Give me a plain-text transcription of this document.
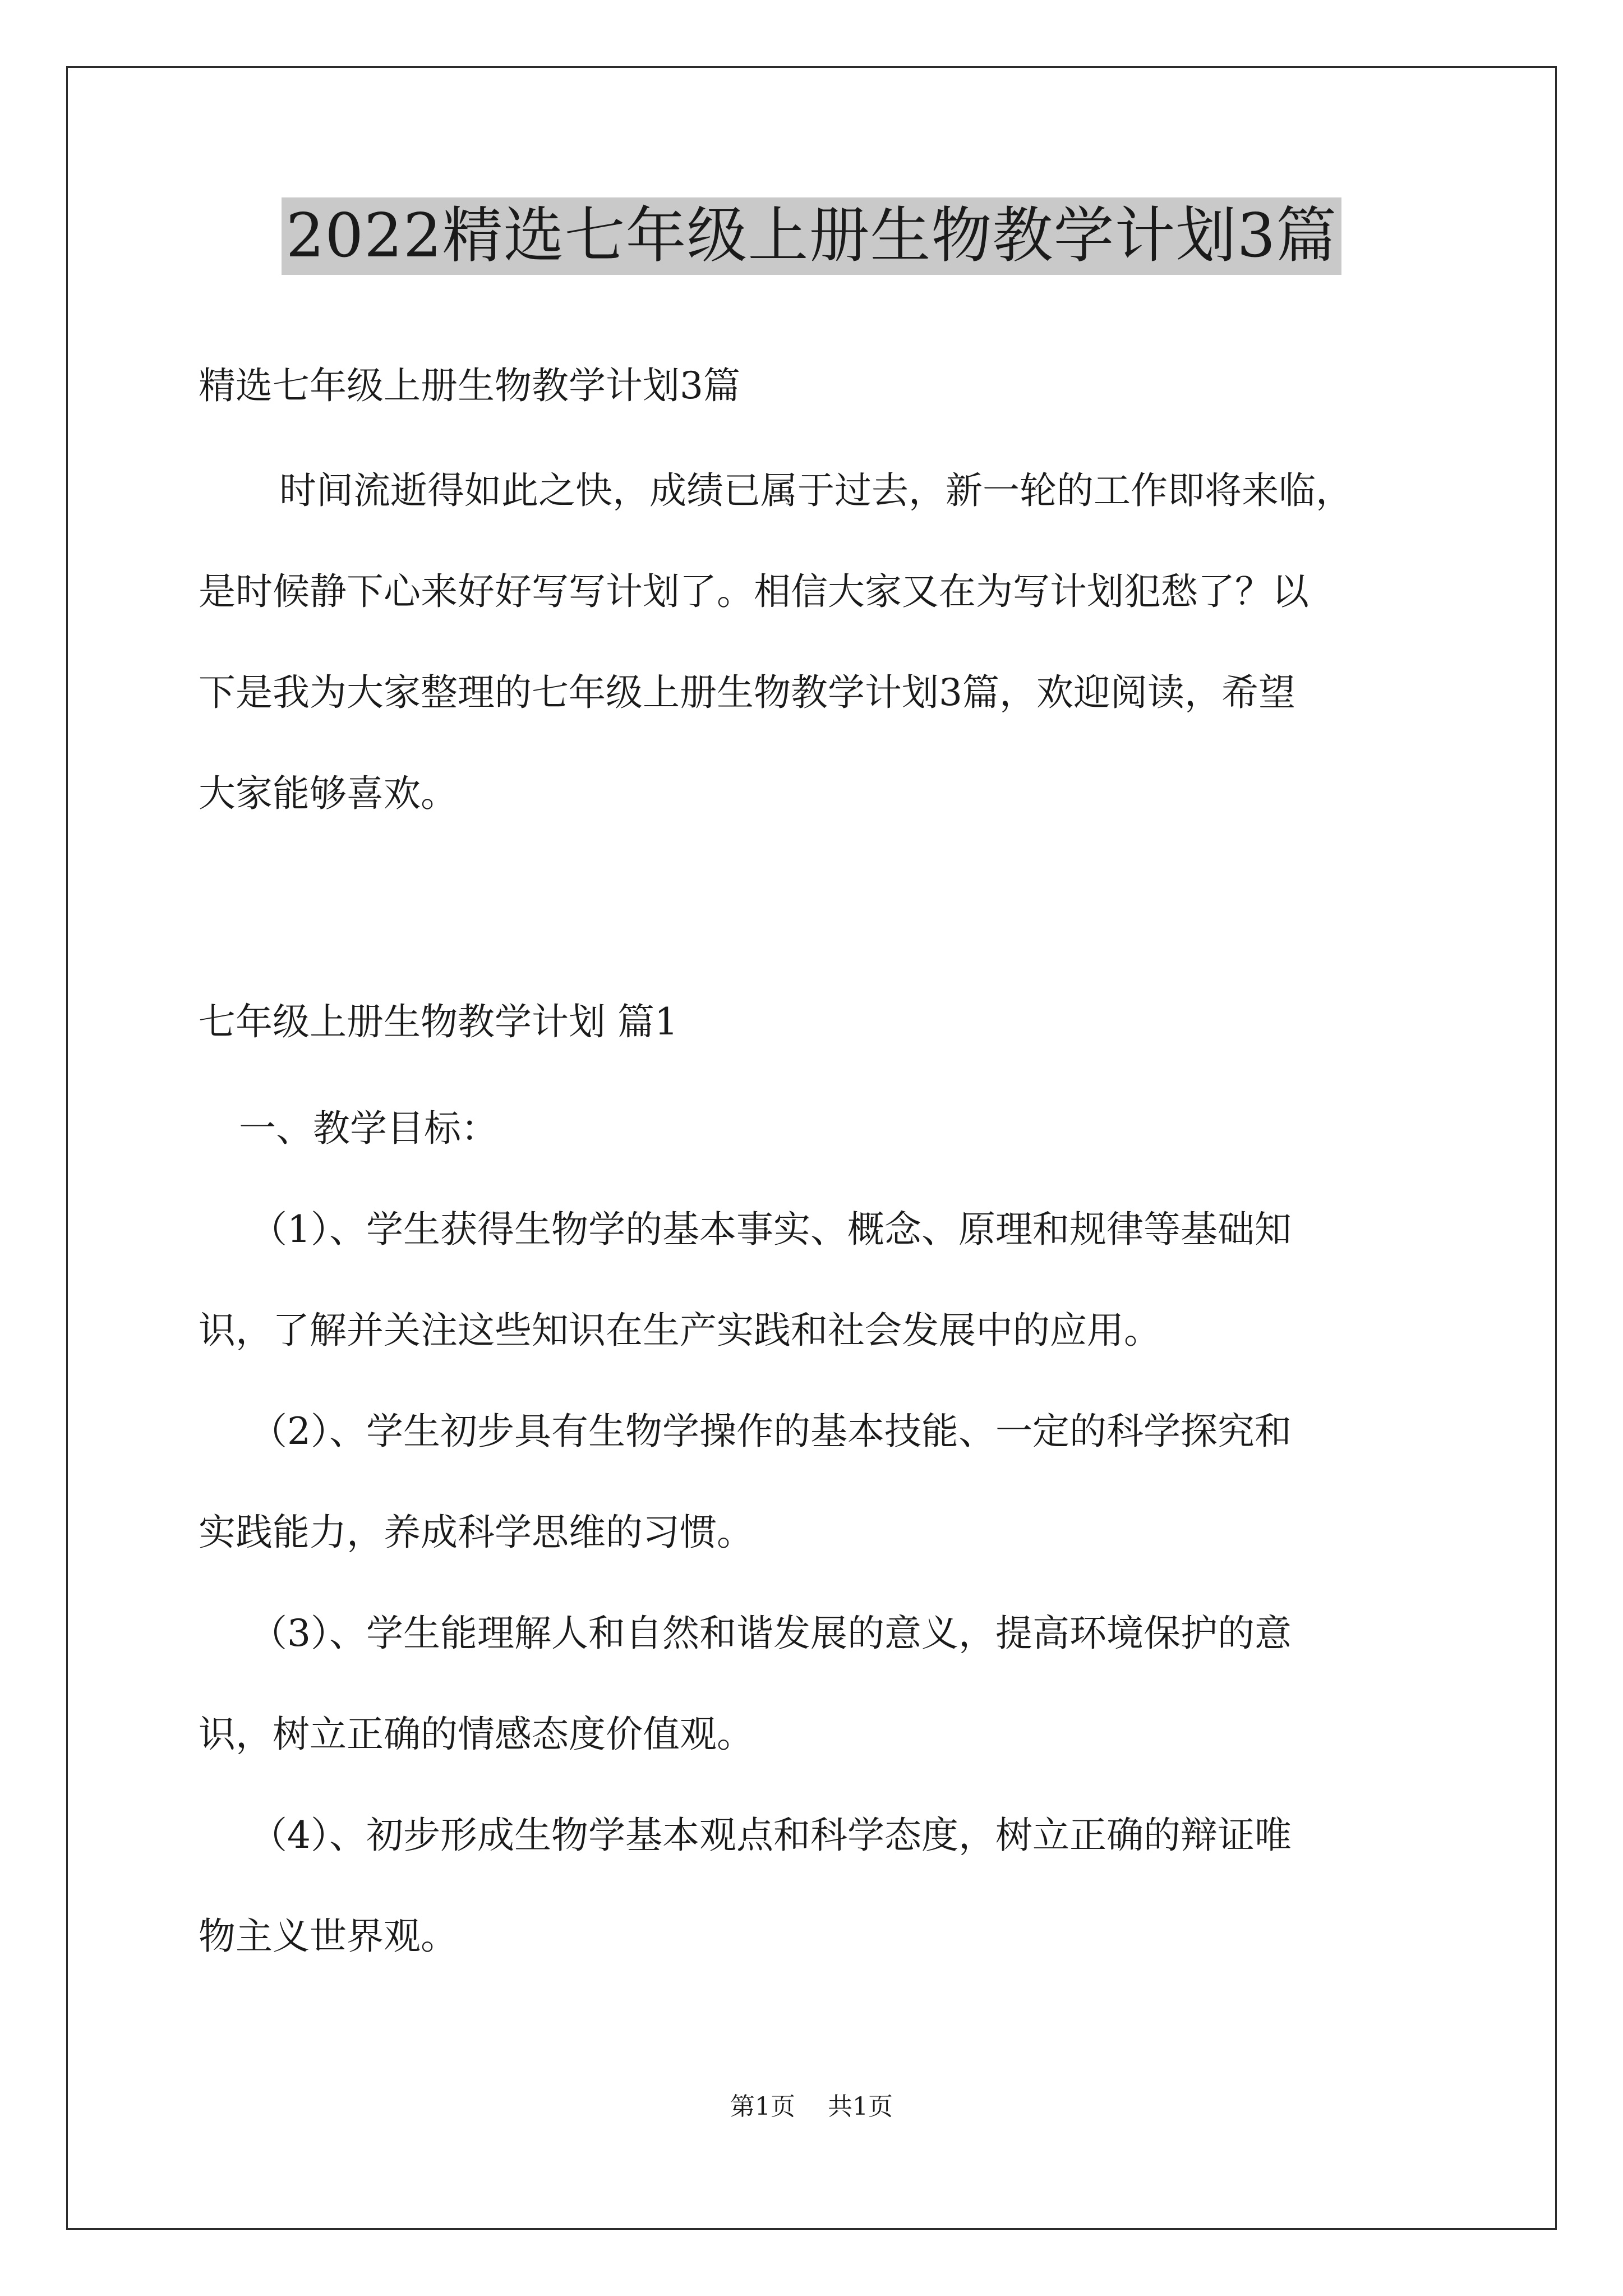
2022精选七年级上册生物教学计划3篇

精选七年级上册生物教学计划3篇

时间流逝得如此之快，成绩已属于过去，新一轮的工作即将来临，

是时候静下心来好好写写计划了。相信大家又在为写计划犯愁了？以

下是我为大家整理的七年级上册生物教学计划3篇，欢迎阅读，希望

大家能够喜欢。

七年级上册生物教学计划 篇1

一、教学目标：

（1）、学生获得生物学的基本事实、概念、原理和规律等基础知

识，了解并关注这些知识在生产实践和社会发展中的应用。

（2）、学生初步具有生物学操作的基本技能、一定的科学探究和

实践能力，养成科学思维的习惯。

（3）、学生能理解人和自然和谐发展的意义，提高环境保护的意

识，树立正确的情感态度价值观。

（4）、初步形成生物学基本观点和科学态度，树立正确的辩证唯

物主义世界观。

第1页 共1页
